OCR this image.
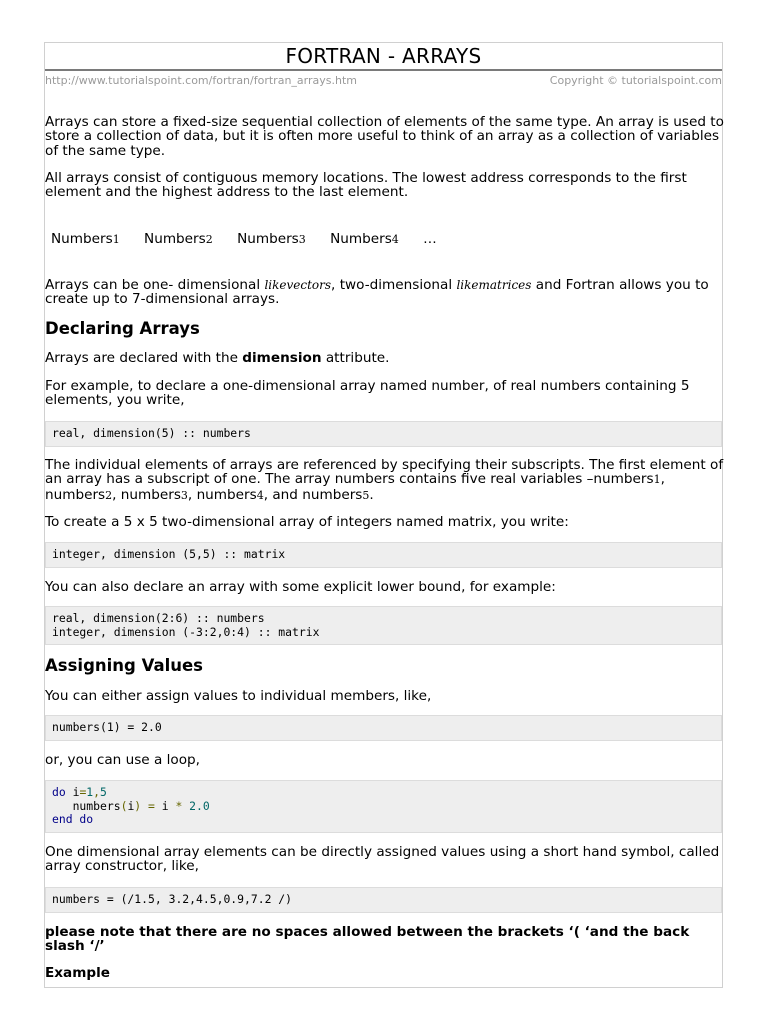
FORTRAN - ARRAYS
http://www.tutorialspoint.com/fortran/fortran_arrays.htm	Copyright © tutorialspoint.com
Arrays can store a fixed-size sequential collection of elements of the same type. An array is used to store a collection of data, but it is often more useful to think of an array as a collection of variables of the same type.
All arrays consist of contiguous memory locations. The lowest address corresponds to the first element and the highest address to the last element.
Numbers1 Numbers2 Numbers3 Numbers4 …
Arrays can be one- dimensional likevectors, two-dimensional likematrices and Fortran allows you to create up to 7-dimensional arrays.
Declaring Arrays
Arrays are declared with the dimension attribute.
For example, to declare a one-dimensional array named number, of real numbers containing 5 elements, you write,
real, dimension(5) :: numbers
The individual elements of arrays are referenced by specifying their subscripts. The first element of an array has a subscript of one. The array numbers contains five real variables –numbers1, numbers2, numbers3, numbers4, and numbers5.
To create a 5 x 5 two-dimensional array of integers named matrix, you write:
integer, dimension (5,5) :: matrix
You can also declare an array with some explicit lower bound, for example:
real, dimension(2:6) :: numbers
integer, dimension (-3:2,0:4) :: matrix
Assigning Values
You can either assign values to individual members, like,
numbers(1) = 2.0
or, you can use a loop,
do i=1,5
numbers(i) = i * 2.0
end do
One dimensional array elements can be directly assigned values using a short hand symbol, called array constructor, like,
numbers = (/1.5, 3.2,4.5,0.9,7.2 /)
please note that there are no spaces allowed between the brackets ‘( ‘and the back slash ‘/’
Example
